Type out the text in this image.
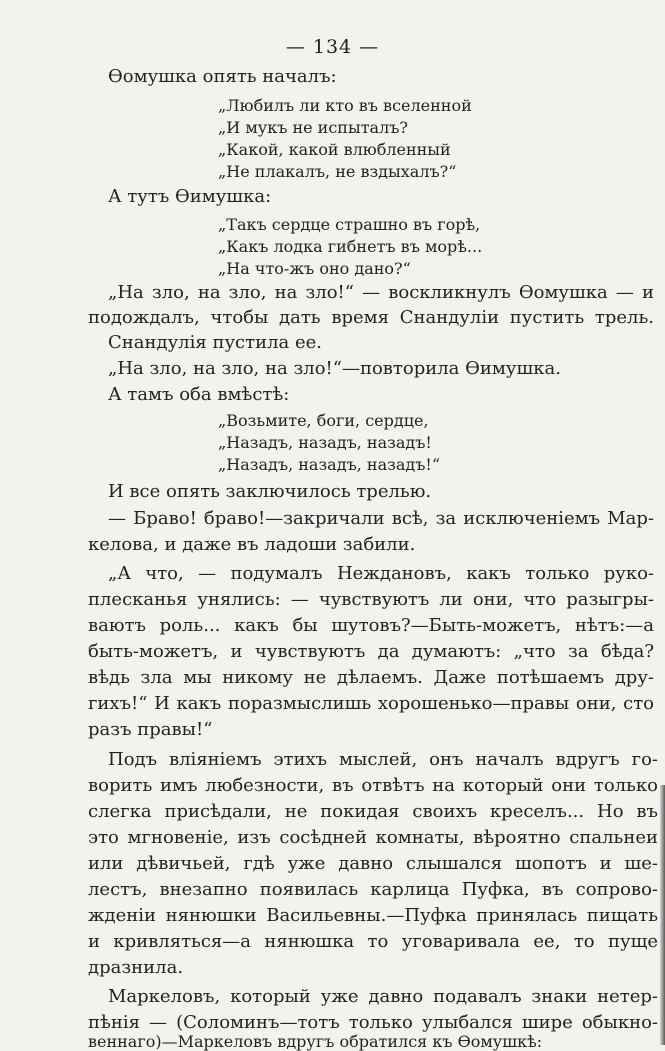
— 134 —
Өомушка опять началъ:
„Любилъ ли кто въ вселенной
„И мукъ не испыталъ?
„Какой, какой влюбленный
„Не плакалъ, не вздыхалъ?“
А тутъ Өимушка:
„Такъ сердце страшно въ горѣ,
„Какъ лодка гибнетъ въ морѣ...
„На что-жъ оно дано?“
„На зло, на зло, на зло!“ — воскликнулъ Өомушка — и
подождалъ, чтобы дать время Снандулiи пустить трель.
Снандулiя пустила ее.
„На зло, на зло, на зло!“—повторила Өимушка.
А тамъ оба вмѣстѣ:
„Возьмите, боги, сердце,
„Назадъ, назадъ, назадъ!
„Назадъ, назадъ, назадъ!“
И все опять заключилось трелью.
— Браво! браво!—закричали всѣ, за исключенiемъ Мар-
келова, и даже въ ладоши забили.
„А что, — подумалъ Неждановъ, какъ только руко-
плесканья унялись: — чувствуютъ ли они, что разыгры-
ваютъ роль... какъ бы шутовъ?—Быть-можетъ, нѣтъ:—а
быть-можетъ, и чувствуютъ да думаютъ: „что за бѣда?
вѣдь зла мы никому не дѣлаемъ. Даже потѣшаемъ дру-
гихъ!“ И какъ поразмыслишь хорошенько—правы они, сто
разъ правы!“
Подъ влiянiемъ этихъ мыслей, онъ началъ вдругъ го-
ворить имъ любезности, въ отвѣтъ на который они только
слегка присѣдали, не покидая своихъ креселъ... Но въ
это мгновенiе, изъ сосѣдней комнаты, вѣроятно спальнеи
или дѣвичьей, гдѣ уже давно слышался шопотъ и ше-
лестъ, внезапно появилась карлица Пуфка, въ сопрово-
жденiи нянюшки Васильевны.—Пуфка принялась пищать
и кривляться—а нянюшка то уговаривала ее, то пуще
дразнила.
Маркеловъ, который уже давно подавалъ знаки нетер-
пѣнiя — (Соломинъ—тотъ только улыбался шире обыкно-
веннаго)—Маркеловъ вдругъ обратился къ Өомушкѣ:
